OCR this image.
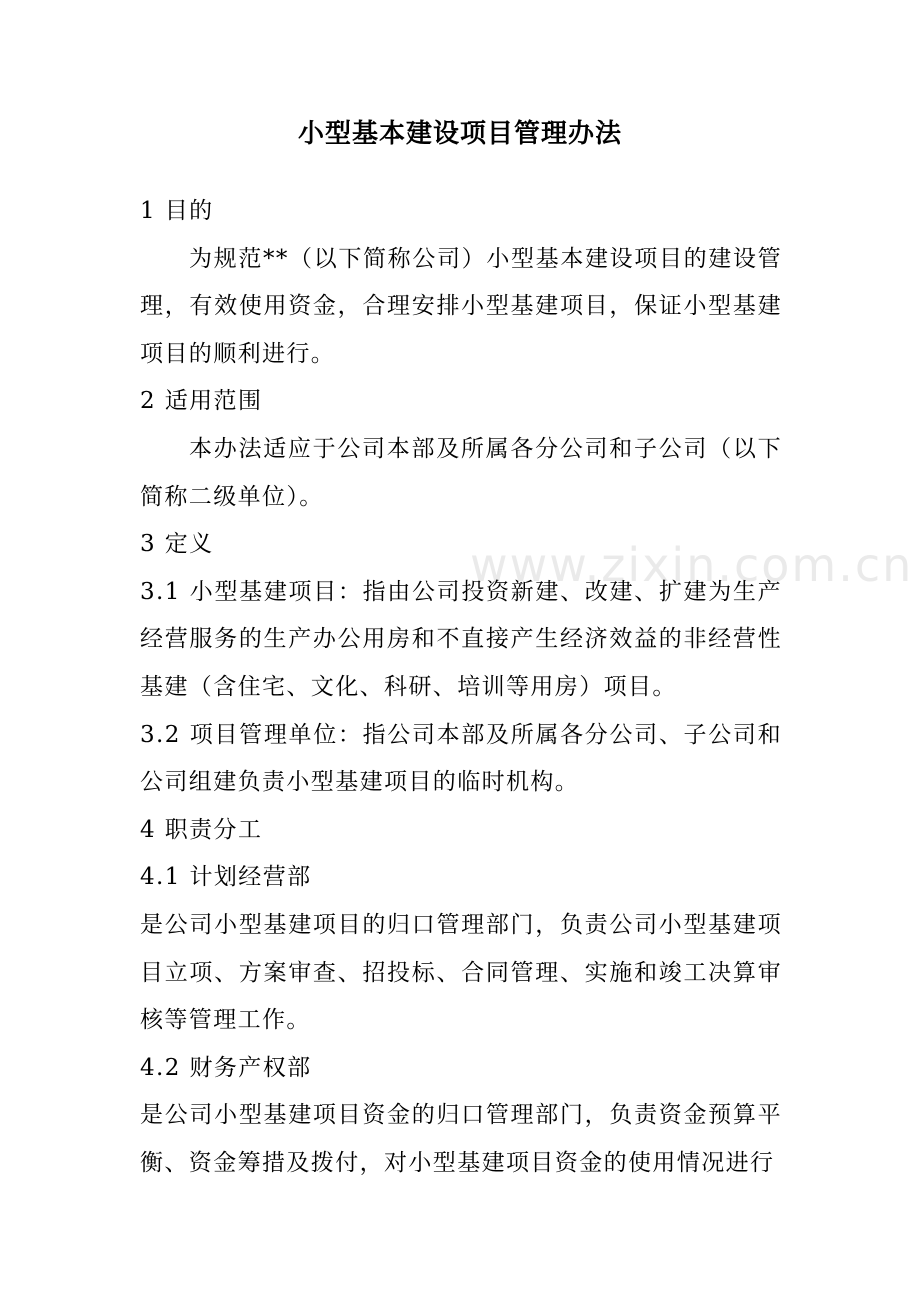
www.zixin.com.cn
小型基本建设项目管理办法

1 目的

为规范**（以下简称公司）小型基本建设项目的建设管理，有效使用资金，合理安排小型基建项目，保证小型基建项目的顺利进行。

2 适用范围

本办法适应于公司本部及所属各分公司和子公司（以下简称二级单位）。

3 定义

3.1 小型基建项目：指由公司投资新建、改建、扩建为生产经营服务的生产办公用房和不直接产生经济效益的非经营性基建（含住宅、文化、科研、培训等用房）项目。

3.2 项目管理单位：指公司本部及所属各分公司、子公司和公司组建负责小型基建项目的临时机构。

4 职责分工

4.1 计划经营部

是公司小型基建项目的归口管理部门，负责公司小型基建项目立项、方案审查、招投标、合同管理、实施和竣工决算审核等管理工作。

4.2 财务产权部

是公司小型基建项目资金的归口管理部门，负责资金预算平衡、资金筹措及拨付，对小型基建项目资金的使用情况进行
